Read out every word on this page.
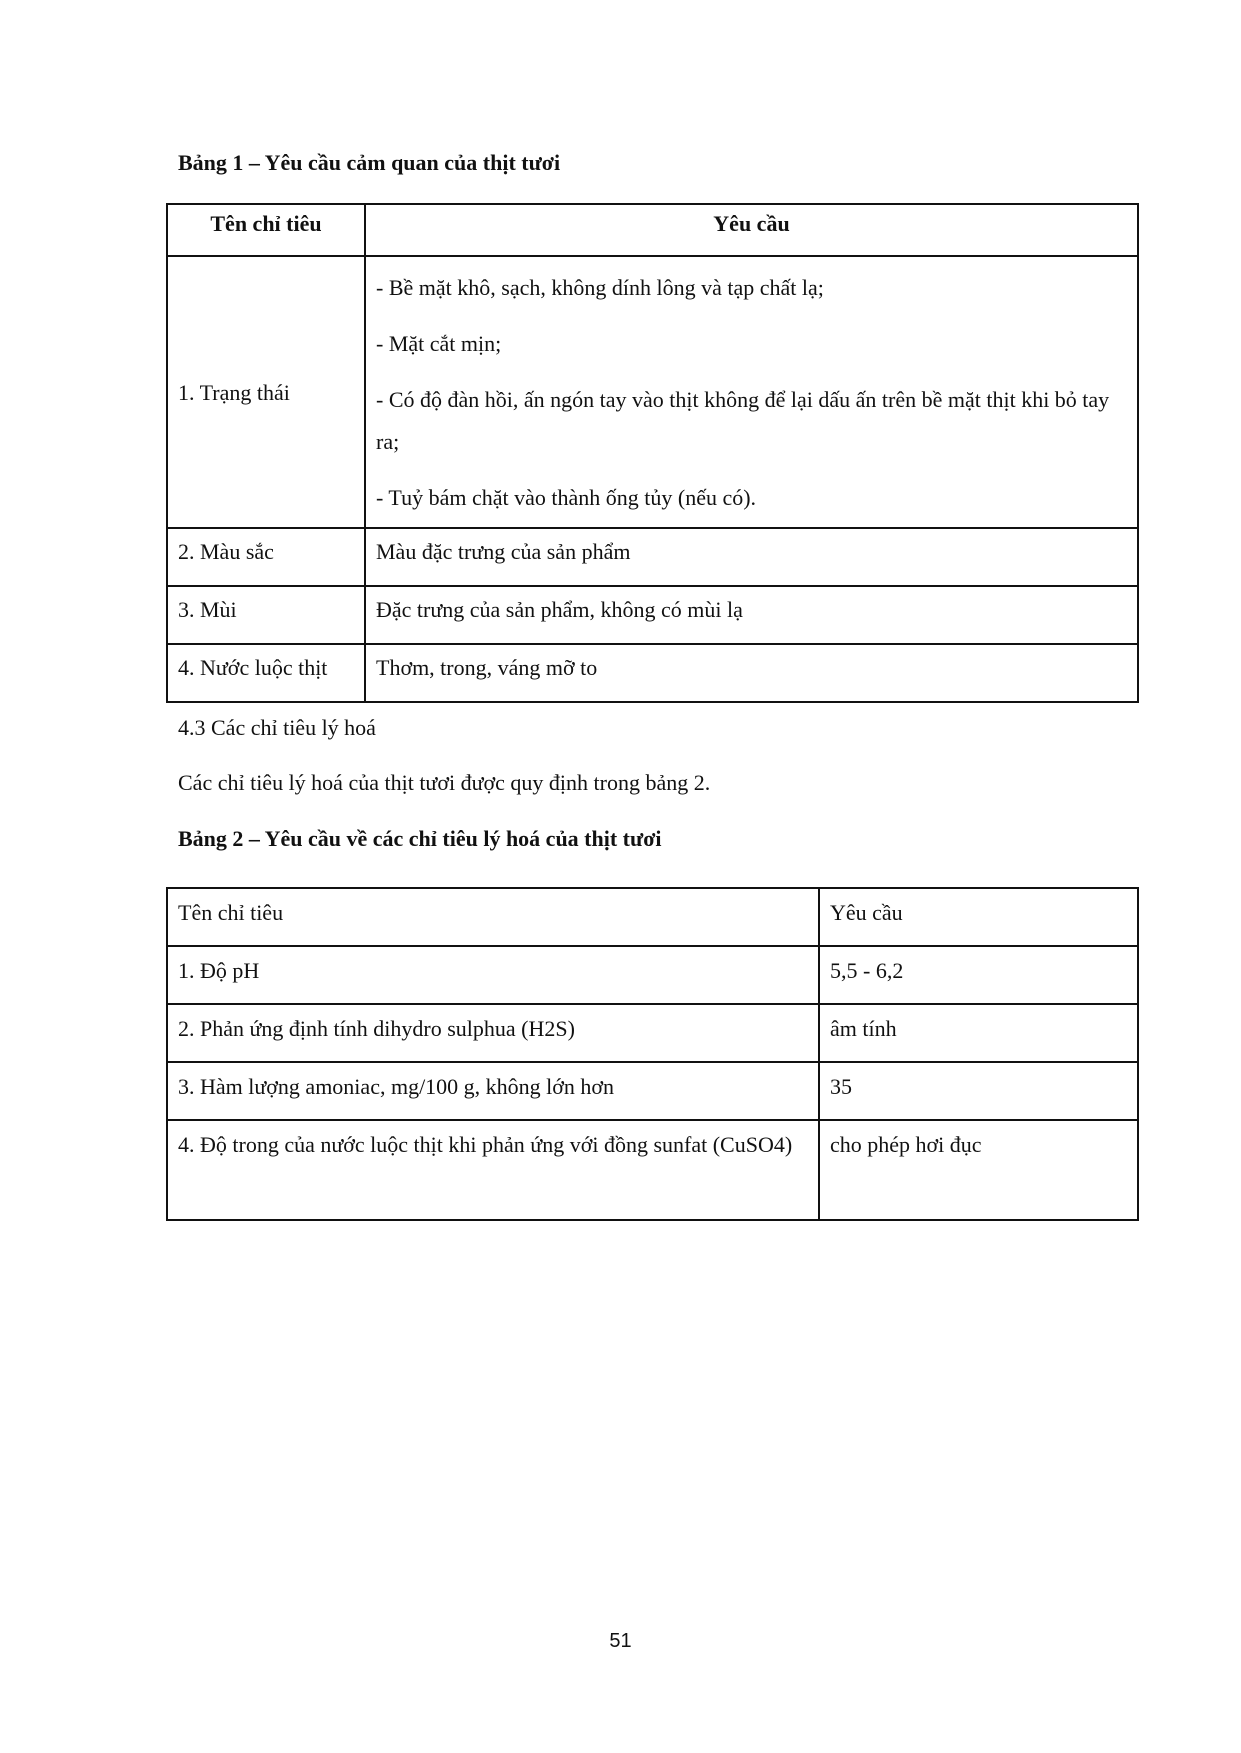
Bảng 1 – Yêu cầu cảm quan của thịt tươi

Tên chỉ tiêu	Yêu cầu
1. Trạng thái	- Bề mặt khô, sạch, không dính lông và tạp chất lạ;

- Mặt cắt mịn;

- Có độ đàn hồi, ấn ngón tay vào thịt không để lại dấu ấn trên bề mặt thịt khi bỏ tay ra;

- Tuỷ bám chặt vào thành ống tủy (nếu có).

2. Màu sắc	Màu đặc trưng của sản phẩm
3. Mùi	Đặc trưng của sản phẩm, không có mùi lạ
4. Nước luộc thịt	Thơm, trong, váng mỡ to

4.3 Các chỉ tiêu lý hoá

Các chỉ tiêu lý hoá của thịt tươi được quy định trong bảng 2.

Bảng 2 – Yêu cầu về các chỉ tiêu lý hoá của thịt tươi

Tên chỉ tiêu	Yêu cầu
1. Độ pH	5,5 - 6,2
2. Phản ứng định tính dihydro sulphua (H2S)	âm tính
3. Hàm lượng amoniac, mg/100 g, không lớn hơn	35
4. Độ trong của nước luộc thịt khi phản ứng với đồng sunfat (CuSO4)	cho phép hơi đục
51
